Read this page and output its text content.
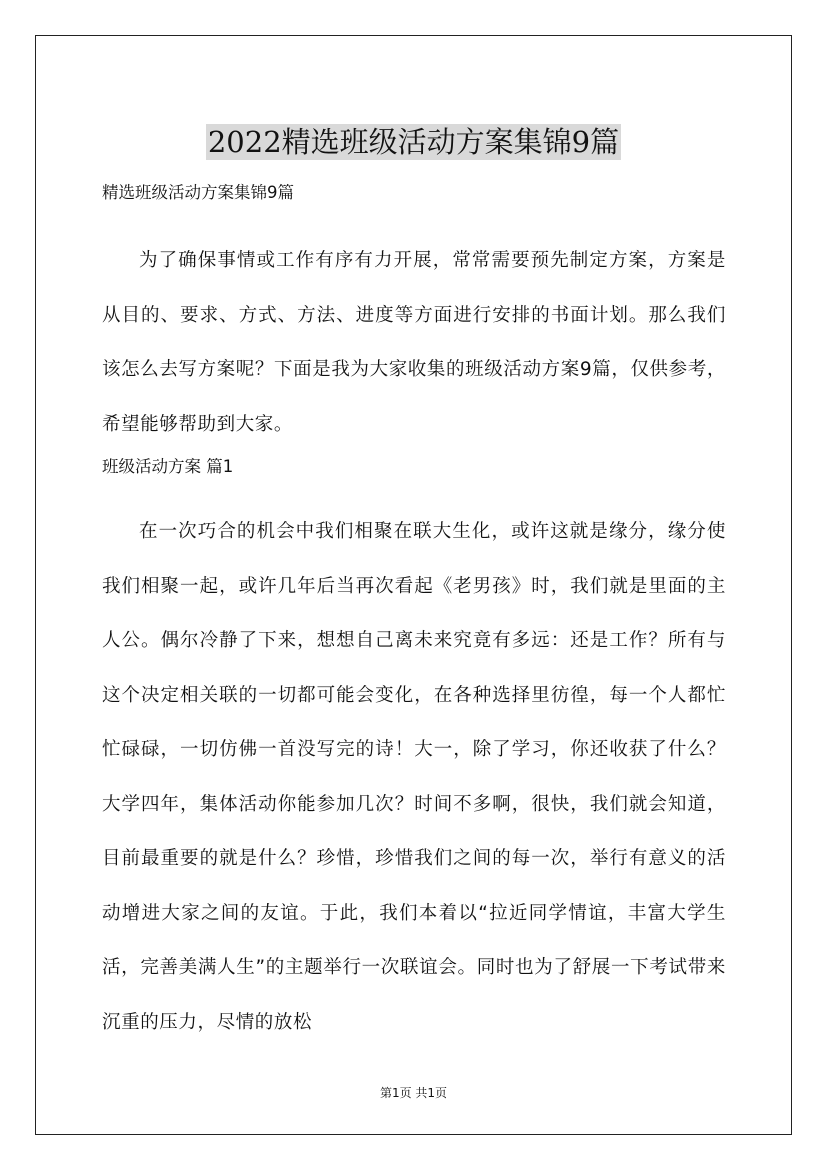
2022精选班级活动方案集锦9篇

精选班级活动方案集锦9篇

为了确保事情或工作有序有力开展，常常需要预先制定方案，方案是从目的、要求、方式、方法、进度等方面进行安排的书面计划。那么我们该怎么去写方案呢？下面是我为大家收集的班级活动方案9篇，仅供参考，希望能够帮助到大家。

班级活动方案 篇1

在一次巧合的机会中我们相聚在联大生化，或许这就是缘分，缘分使我们相聚一起，或许几年后当再次看起《老男孩》时，我们就是里面的主人公。偶尔冷静了下来，想想自己离未来究竟有多远：还是工作？所有与这个决定相关联的一切都可能会变化，在各种选择里彷徨，每一个人都忙忙碌碌，一切仿佛一首没写完的诗！大一，除了学习，你还收获了什么？大学四年，集体活动你能参加几次？时间不多啊，很快，我们就会知道，目前最重要的就是什么？珍惜，珍惜我们之间的每一次，举行有意义的活动增进大家之间的友谊。于此，我们本着以“拉近同学情谊，丰富大学生活，完善美满人生”的主题举行一次联谊会。同时也为了舒展一下考试带来沉重的压力，尽情的放松

第1页 共1页
